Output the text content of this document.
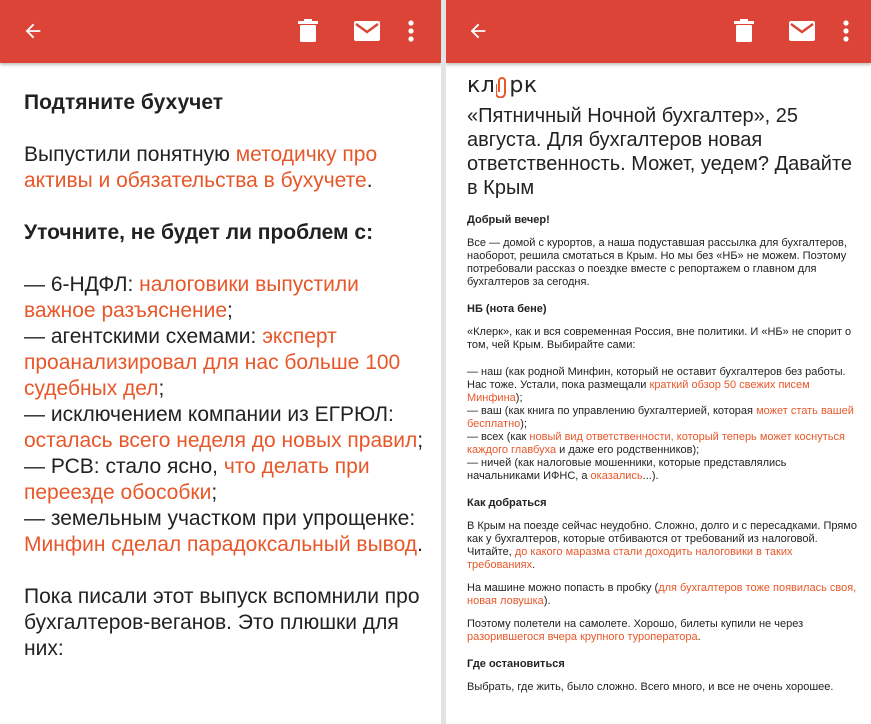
Подтяните бухучет

Выпустили понятную методичку про активы и обязательства в бухучете.

Уточните, не будет ли проблем с:

— 6-НДФЛ: налоговики выпустили важное разъяснение;
— агентскими схемами: эксперт проанализировал для нас больше 100 судебных дел;
— исключением компании из ЕГРЮЛ: осталась всего неделя до новых правил;
— РСВ: стало ясно, что делать при переезде обособки;
— земельным участком при упрощенке: Минфин сделал парадоксальный вывод.

Пока писали этот выпуск вспомнили про бухгалтеров-веганов. Это плюшки для них:

кл рк
«Пятничный Ночной бухгалтер», 25 августа. Для бухгалтеров новая ответственность. Может, уедем? Давайте в Крым

Добрый вечер!

Все — домой с курортов, а наша подуставшая рассылка для бухгалтеров, наоборот, решила смотаться в Крым. Но мы без «НБ» не можем. Поэтому потребовали рассказ о поездке вместе с репортажем о главном для бухгалтеров за сегодня.

НБ (нота бене)

«Клерк», как и вся современная Россия, вне политики. И «НБ» не спорит о том, чей Крым. Выбирайте сами:

— наш (как родной Минфин, который не оставит бухгалтеров без работы. Нас тоже. Устали, пока размещали краткий обзор 50 свежих писем Минфина);
— ваш (как книга по управлению бухгалтерией, которая может стать вашей бесплатно);
— всех (как новый вид ответственности, который теперь может коснуться каждого главбуха и даже его родственников);
— ничей (как налоговые мошенники, которые представлялись начальниками ИФНС, а оказались...).

Как добраться

В Крым на поезде сейчас неудобно. Сложно, долго и с пересадками. Прямо как у бухгалтеров, которые отбиваются от требований из налоговой. Читайте, до какого маразма стали доходить налоговики в таких требованиях.

На машине можно попасть в пробку (для бухгалтеров тоже появилась своя, новая ловушка).

Поэтому полетели на самолете. Хорошо, билеты купили не через разорившегося вчера крупного туроператора.

Где остановиться

Выбрать, где жить, было сложно. Всего много, и все не очень хорошее.
